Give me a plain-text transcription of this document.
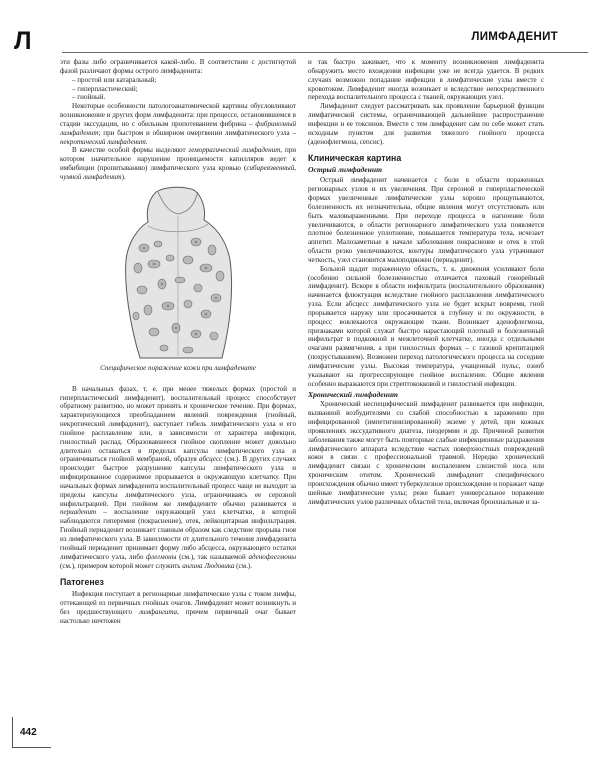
Л	ЛИМФАДЕНИТ

эти фазы либо ограничивается какой-либо. В соответствии с достигнутой фазой различают формы острого лимфаденита:

– простой или катаральный;
– гиперпластический;
– гнойный.

Некоторые особенности патологоанатомической картины обусловливают возникновение и других форм лимфаденита: при процессе, остановившемся в стадии экссудации, но с обильным пропотеванием фибрина – фибринозный лимфаденит; при быстром и обширном омертвении лимфатического узла – некротический лимфаденит.

В качестве особой формы выделяют геморрагический лимфаденит, при котором значительное нарушение проницаемости капилляров ведет к имбибиции (пропитыванию) лимфатического узла кровью (сибиреязвенный, чумной лимфаденит).

Специфическое поражение кожи при лимфадените

В начальных фазах, т. е. при менее тяжелых формах (простой и гиперпластический лимфаденит), воспалительный процесс способствует обратному развитию, но может принять и хроническое течение. При формах, характеризующихся преобладанием явлений повреждения (гнойный, некротический лимфаденит), наступает гибель лимфатического узла и его гнойное расплавление или, в зависимости от характера инфекции, гнилостный распад. Образовавшееся гнойное скопление может довольно длительно оставаться в пределах капсулы лимфатического узла и ограничиваться гнойной мембраной, образуя абсцесс (см.). В других случаях происходит быстрое разрушение капсулы лимфатического узла и инфицированное содержимое прорывается в окружающую клетчатку. При начальных формах лимфаденита воспалительный процесс чаще не выходит за пределы капсулы лимфатического узла, ограничиваясь ее серозной инфильтрацией. При гнойном же лимфадените обычно развивается и периаденит – воспаление окружающей узел клетчатки, в которой наблюдаются гиперемия (покраснение), отек, лейкоцитарная инфильтрация. Гнойный периаденит возникает главным образом как следствие прорыва гноя из лимфатического узла. В зависимости от длительного течения лимфаденита гнойный периаденит принимает форму либо абсцесса, окружающего остатки лимфатического узла, либо флегмоны (см.), так называемой аденофлегмоны (см.), примером которой может служить ангина Людовика (см.).

Патогенез

Инфекция поступает в регионарные лимфатические узлы с током лимфы, оттекающей из первичных гнойных очагов. Лимфаденит может возникнуть и без предшествующего лимфангита, причем первичный очаг бывает настолько ничтожен

и так быстро заживает, что к моменту возникновения лимфаденита обнаружить место вхождения инфекции уже не всегда удается. В редких случаях возможно попадание инфекции в лимфатические узлы вместе с кровотоком. Лимфаденит иногда возникает и вследствие непосредственного перехода воспалительного процесса с тканей, окружающих узел.

Лимфаденит следует рассматривать как проявление барьерной функции лимфатической системы, ограничивающей дальнейшее распространение инфекции и ее токсинов. Вместе с тем лимфаденит сам по себе может стать исходным пунктом для развития тяжелого гнойного процесса (аденофлегмона, сепсис).

Клиническая картина
Острый лимфаденит

Острый лимфаденит начинается с боли в области пораженных регионарных узлов и их увеличения. При серозной и гиперпластической формах увеличенные лимфатические узлы хорошо прощупываются, болезненность их незначительна, общие явления могут отсутствовать или быть маловыраженными. При переходе процесса в нагноение боли увеличиваются, в области регионарного лимфатического узла появляется плотное болезненное уплотнение, повышается температура тела, исчезает аппетит. Малозаметные в начале заболевания покраснение и отек в этой области резко увеличиваются, контуры лимфатического узла утрачивают четкость, узел становится малоподвижен (периаденит).

Больной щадит пораженную область, т. к. движения усиливают боли (особенно сильной болезненностью отличается паховый гонорейный лимфаденит). Вскоре в области инфильтрата (воспалительного образования) начинается флюктуация вследствие гнойного расплавления лимфатического узла. Если абсцесс лимфатического узла не будет вскрыт вовремя, гной прорывается наружу или просачивается в глубину и по окружности, в процесс вовлекаются окружающие ткани. Возникает аденофлегмона, признаками которой служат быстро нарастающий плотный и болезненный инфильтрат в подкожной и межлеточной клетчатке, иногда с отдельными очагами размягчения, а при гнилостных формах – с газовой крепитацией (похрустыванием). Возможен переход патологического процесса на соседние лимфатические узлы. Высокая температура, учащенный пульс, озноб указывают на прогрессирующее гнойное воспаление. Общие явления особенно выражаются при стрептококковой и гнилостной инфекции.

Хронический лимфаденит

Хронический неспецифический лимфаденит развивается при инфекции, вызванной возбудителями со слабой способностью к заражению при инфицированной (импетигинизированной) экземе у детей, при кожных проявлениях экссудативного диатеза, пиодермии и др. Причиной развития заболевания также могут быть повторные слабые инфекционные раздражения лимфатического аппарата вследствие частых поверхностных повреждений кожи в связи с профессиональной травмой. Нередко хронический лимфаденит связан с хроническим воспалением слизистой носа или хроническим отитом. Хронический лимфаденит специфического происхождения обычно имеет туберкулезное происхождение и поражает чаще шейные лимфатические узлы; реже бывает универсальное поражение лимфатических узлов различных областей тела, включая бронхиальные и за-

442
